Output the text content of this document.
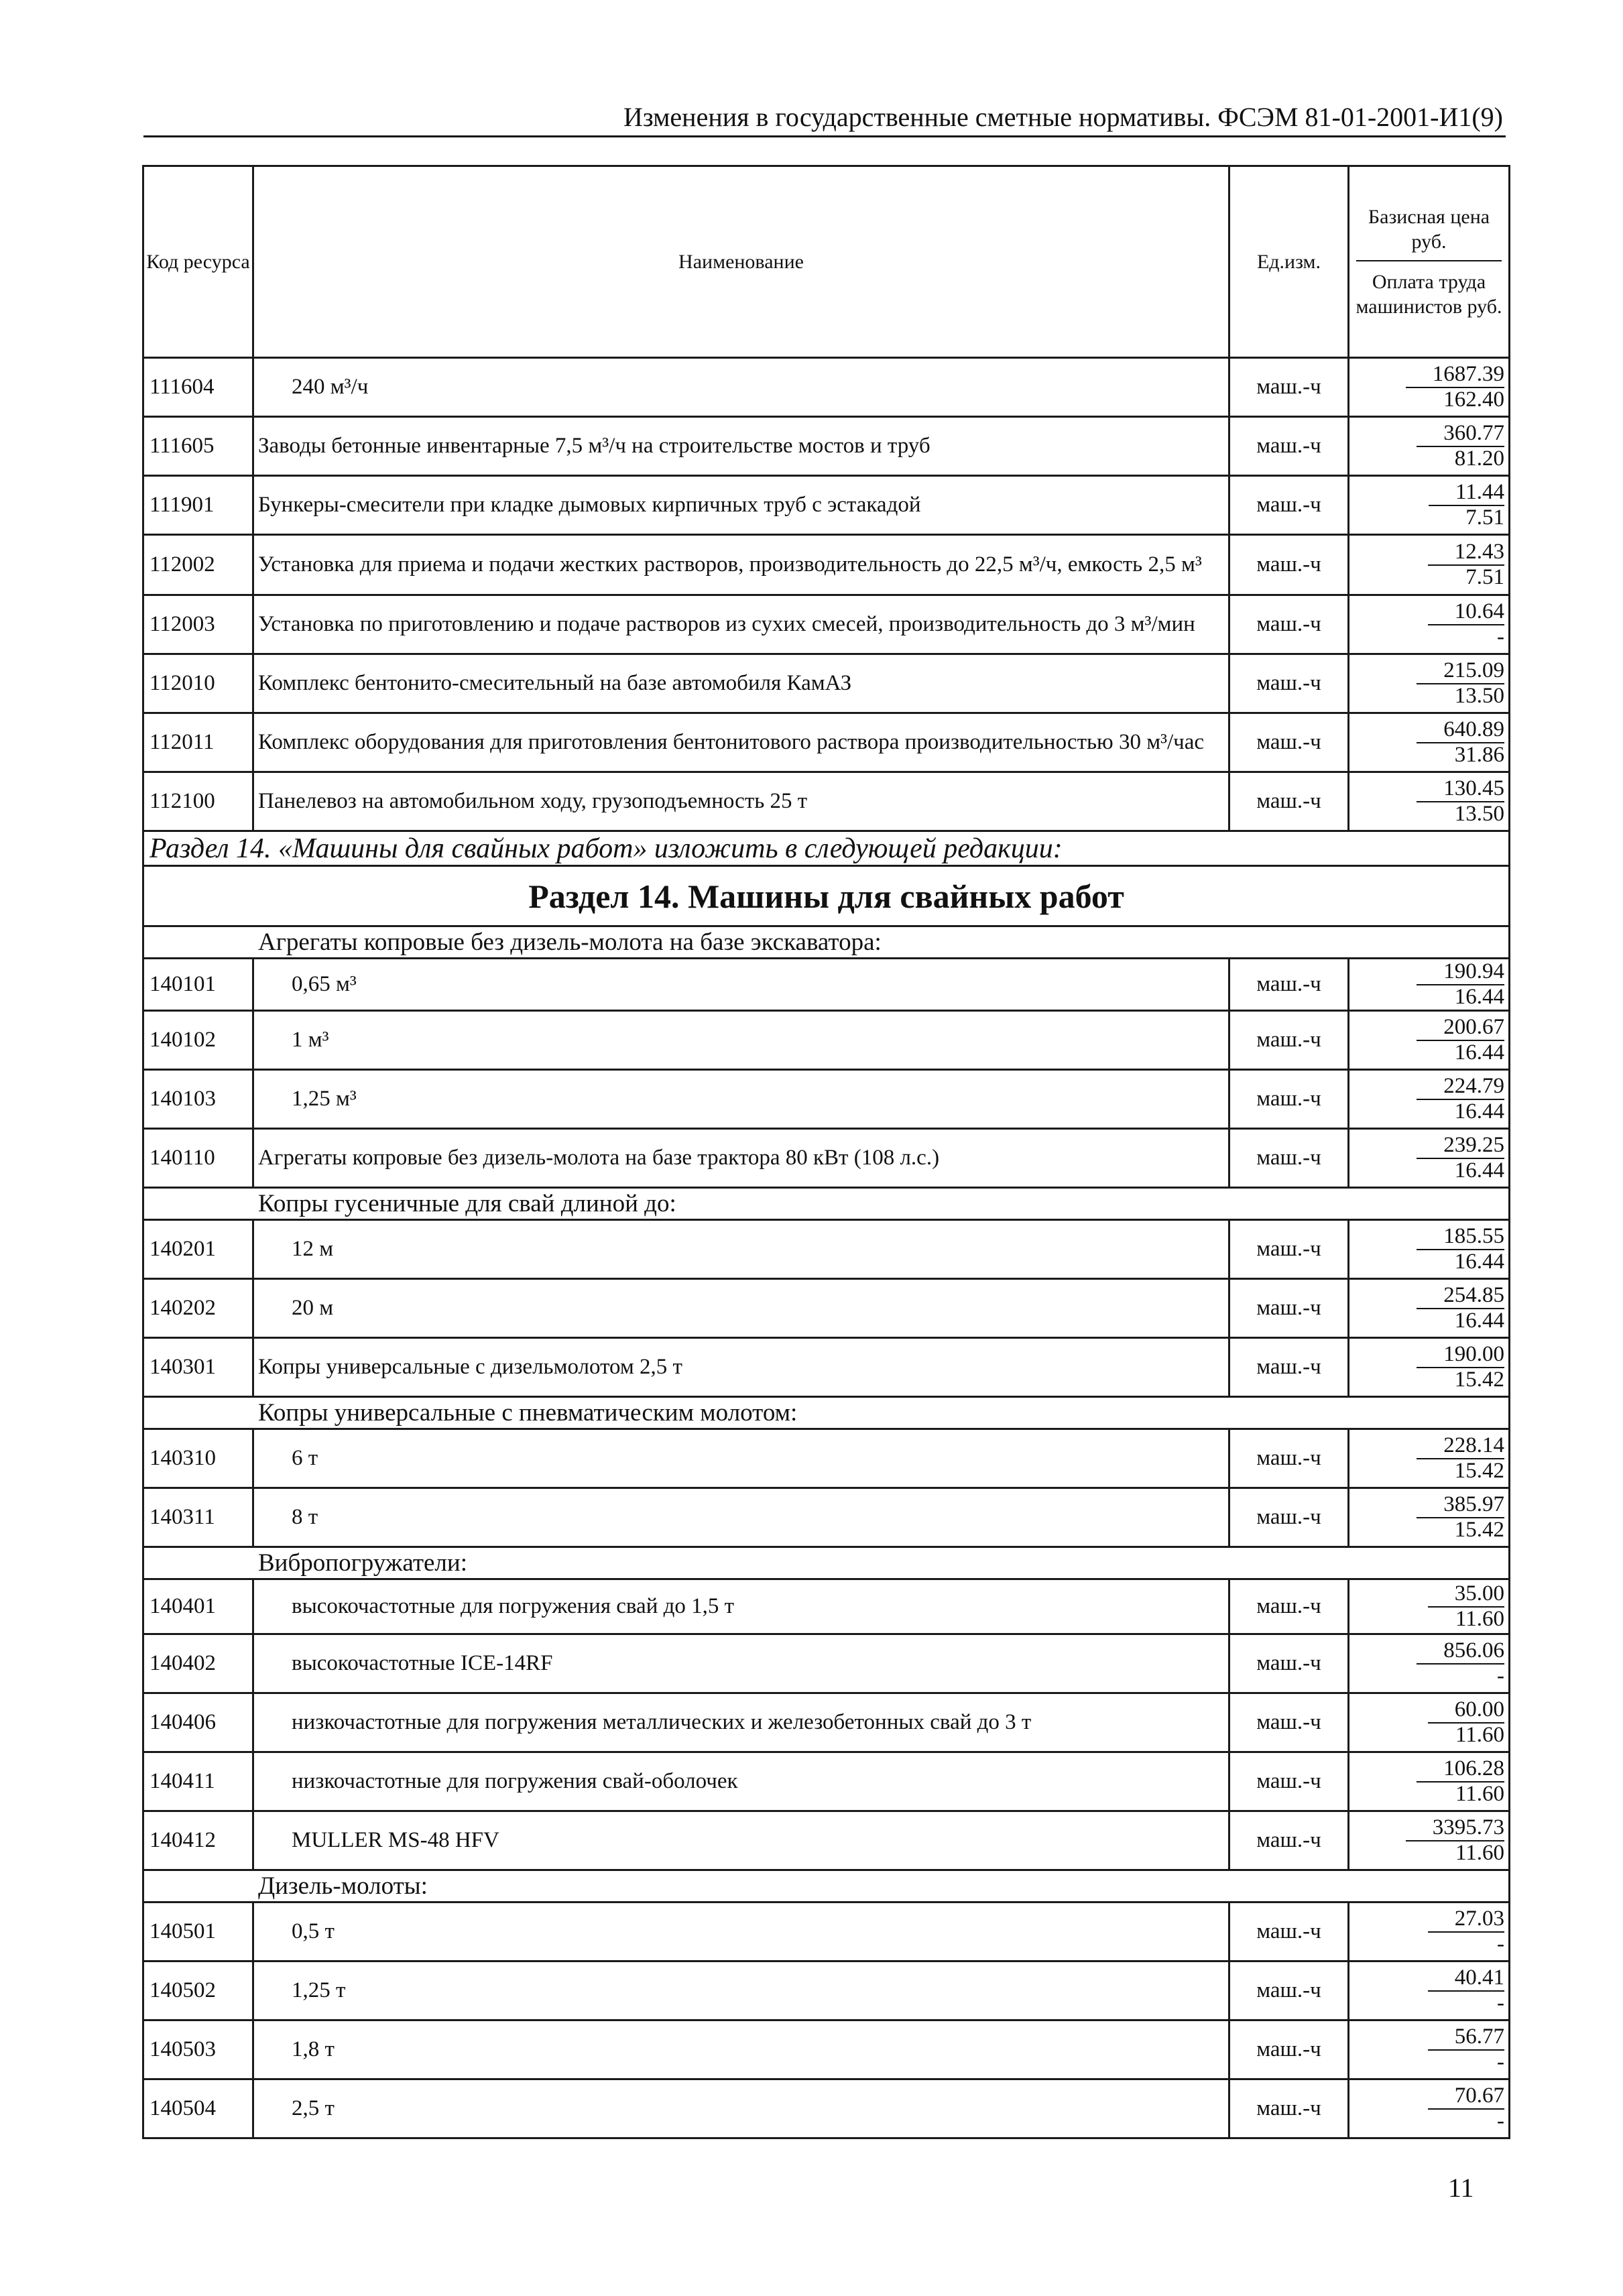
Изменения в государственные сметные нормативы. ФСЭМ 81-01-2001-И1(9)
Код ресурса	Наименование	Ед.изм.	Базисная цена руб.
Оплата труда машинистов руб.

111604	240 м³/ч	маш.-ч	1687.39
162.40

111605	Заводы бетонные инвентарные 7,5 м³/ч на строительстве мостов и труб	маш.-ч	360.77
81.20

111901	Бункеры-смесители при кладке дымовых кирпичных труб с эстакадой	маш.-ч	11.44
7.51

112002	Установка для приема и подачи жестких растворов, производительность до 22,5 м³/ч, емкость 2,5 м³	маш.-ч	12.43
7.51

112003	Установка по приготовлению и подаче растворов из сухих смесей, производительность до 3 м³/мин	маш.-ч	10.64
-

112010	Комплекс бентонито-смесительный на базе автомобиля КамАЗ	маш.-ч	215.09
13.50

112011	Комплекс оборудования для приготовления бентонитового раствора производительностью 30 м³/час	маш.-ч	640.89
31.86

112100	Панелевоз на автомобильном ходу, грузоподъемность 25 т	маш.-ч	130.45
13.50

Раздел 14. «Машины для свайных работ» изложить в следующей редакции:			
Раздел 14. Машины для свайных работ			
Агрегаты копровые без дизель-молота на базе экскаватора:			
140101	0,65 м³	маш.-ч	190.94
16.44

140102	1 м³	маш.-ч	200.67
16.44

140103	1,25 м³	маш.-ч	224.79
16.44

140110	Агрегаты копровые без дизель-молота на базе трактора 80 кВт (108 л.с.)	маш.-ч	239.25
16.44

Копры гусеничные для свай длиной до:			
140201	12 м	маш.-ч	185.55
16.44

140202	20 м	маш.-ч	254.85
16.44

140301	Копры универсальные с дизельмолотом 2,5 т	маш.-ч	190.00
15.42

Копры универсальные с пневматическим молотом:			
140310	6 т	маш.-ч	228.14
15.42

140311	8 т	маш.-ч	385.97
15.42

Вибропогружатели:			
140401	высокочастотные для погружения свай до 1,5 т	маш.-ч	35.00
11.60

140402	высокочастотные ICE-14RF	маш.-ч	856.06
-

140406	низкочастотные для погружения металлических и железобетонных свай до 3 т	маш.-ч	60.00
11.60

140411	низкочастотные для погружения свай-оболочек	маш.-ч	106.28
11.60

140412	MULLER MS-48 HFV	маш.-ч	3395.73
11.60

Дизель-молоты:			
140501	0,5 т	маш.-ч	27.03
-

140502	1,25 т	маш.-ч	40.41
-

140503	1,8 т	маш.-ч	56.77
-

140504	2,5 т	маш.-ч	70.67
-
11
